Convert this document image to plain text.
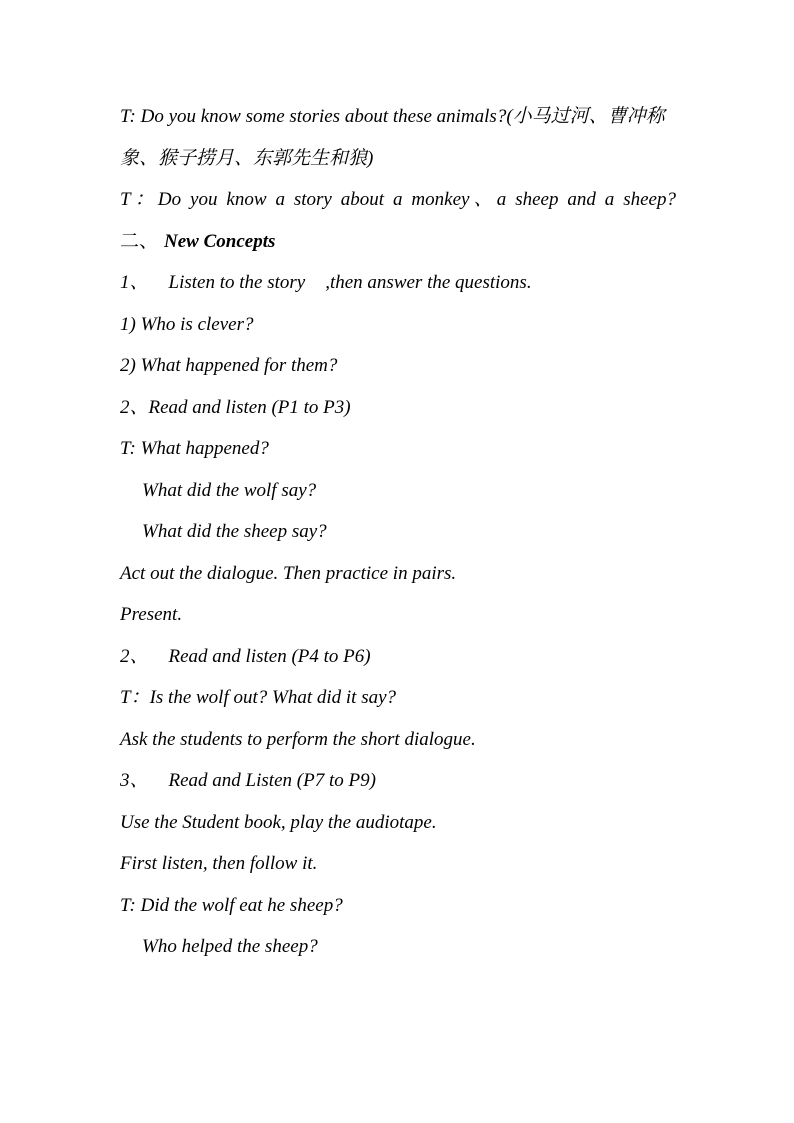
T: Do you know some stories about these animals?(小马过河、曹冲称象、猴子捞月、东郭先生和狼)
T：Do you know a story about a monkey、a sheep and a sheep?
二、 New Concepts
1、 Listen to the story ,then answer the questions.
1) Who is clever?
2) What happened for them?
2、Read and listen (P1 to P3)
T: What happened?
What did the wolf say?
What did the sheep say?
Act out the dialogue. Then practice in pairs.
Present.
2、 Read and listen (P4 to P6)
T：Is the wolf out? What did it say?
Ask the students to perform the short dialogue.
3、 Read and Listen (P7 to P9)
Use the Student book, play the audiotape.
First listen, then follow it.
T: Did the wolf eat he sheep?
Who helped the sheep?
